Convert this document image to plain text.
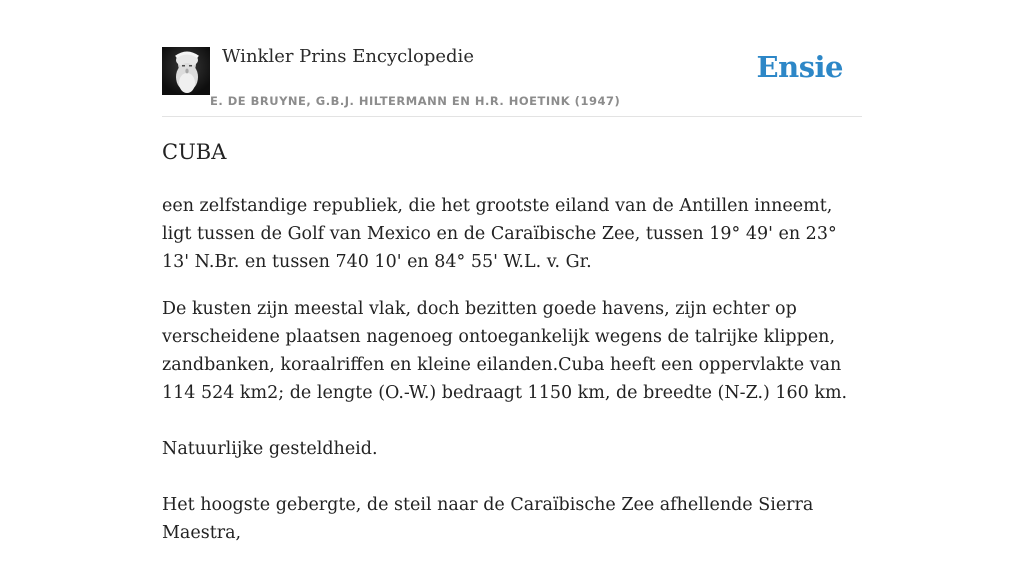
Winkler Prins Encyclopedie
E. DE BRUYNE, G.B.J. HILTERMANN EN H.R. HOETINK (1947)
Ensie
CUBA

een zelfstandige republiek, die het grootste eiland van de Antillen inneemt, ligt tussen de Golf van Mexico en de Caraïbische Zee, tussen 19° 49' en 23° 13' N.Br. en tussen 740 10' en 84° 55' W.L. v. Gr.

De kusten zijn meestal vlak, doch bezitten goede havens, zijn echter op verscheidene plaatsen nagenoeg ontoegankelijk wegens de talrijke klippen, zandbanken, koraalriffen en kleine eilanden.Cuba heeft een oppervlakte van 114 524 km2; de lengte (O.-W.) bedraagt 1150 km, de breedte (N-Z.) 160 km.

Natuurlijke gesteldheid.

Het hoogste gebergte, de steil naar de Caraïbische Zee afhellende Sierra Maestra,
